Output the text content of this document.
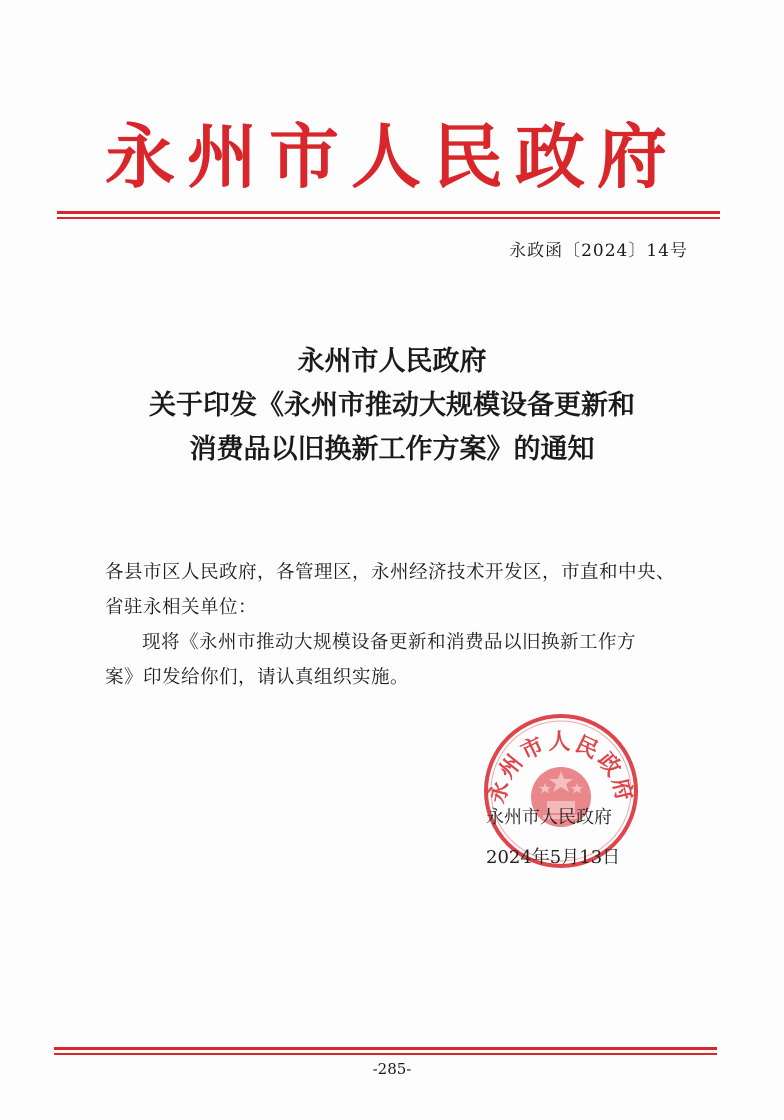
永州市人民政府
永政函〔2024〕14号
永州市人民政府
关于印发《永州市推动大规模设备更新和
消费品以旧换新工作方案》的通知

各县市区人民政府，各管理区，永州经济技术开发区，市直和中央、

省驻永相关单位：

现将《永州市推动大规模设备更新和消费品以旧换新工作方

案》印发给你们，请认真组织实施。

永州市人民政府
永州市人民政府
2024年5月13日
-285-
